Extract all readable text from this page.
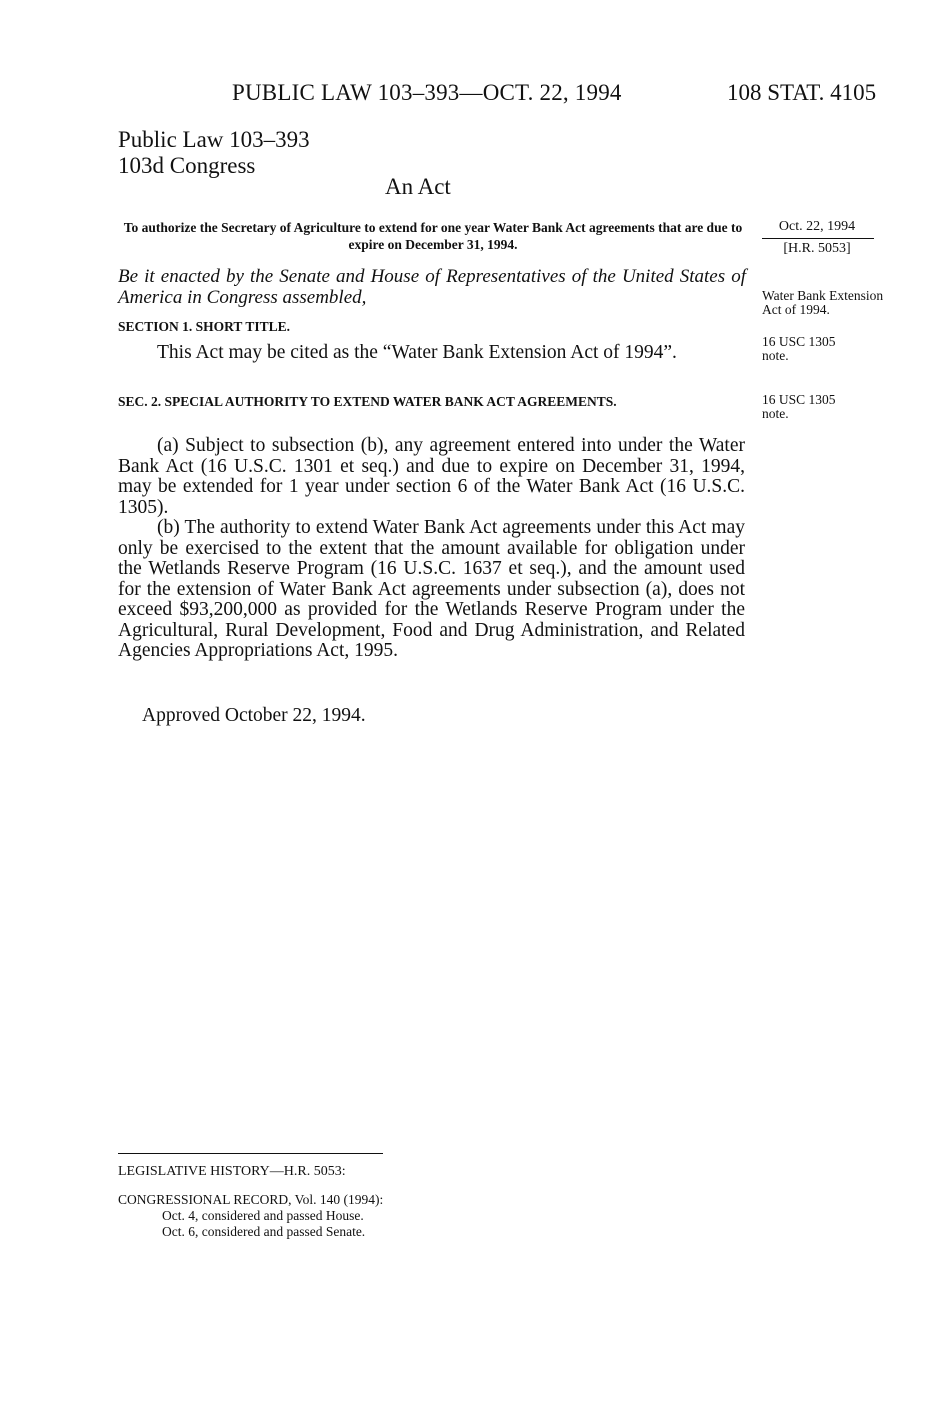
PUBLIC LAW 103–393—OCT. 22, 1994	108 STAT. 4105
Public Law 103–393
103d Congress
An Act
To authorize the Secretary of Agriculture to extend for one year Water Bank Act agreements that are due to expire on December 31, 1994.
Oct. 22, 1994
[H.R. 5053]
Be it enacted by the Senate and House of Representatives of the United States of America in Congress assembled,	Water Bank Extension Act of 1994.
SECTION 1. SHORT TITLE.
This Act may be cited as the “Water Bank Extension Act of 1994”.
16 USC 1305 note.
SEC. 2. SPECIAL AUTHORITY TO EXTEND WATER BANK ACT AGREEMENTS.	16 USC 1305 note.
(a) Subject to subsection (b), any agreement entered into under the Water Bank Act (16 U.S.C. 1301 et seq.) and due to expire on December 31, 1994, may be extended for 1 year under section 6 of the Water Bank Act (16 U.S.C. 1305).
(b) The authority to extend Water Bank Act agreements under this Act may only be exercised to the extent that the amount available for obligation under the Wetlands Reserve Program (16 U.S.C. 1637 et seq.), and the amount used for the extension of Water Bank Act agreements under subsection (a), does not exceed $93,200,000 as provided for the Wetlands Reserve Program under the Agricultural, Rural Development, Food and Drug Administration, and Related Agencies Appropriations Act, 1995.
Approved October 22, 1994.
LEGISLATIVE HISTORY—H.R. 5053:
CONGRESSIONAL RECORD, Vol. 140 (1994):
Oct. 4, considered and passed House.
Oct. 6, considered and passed Senate.
